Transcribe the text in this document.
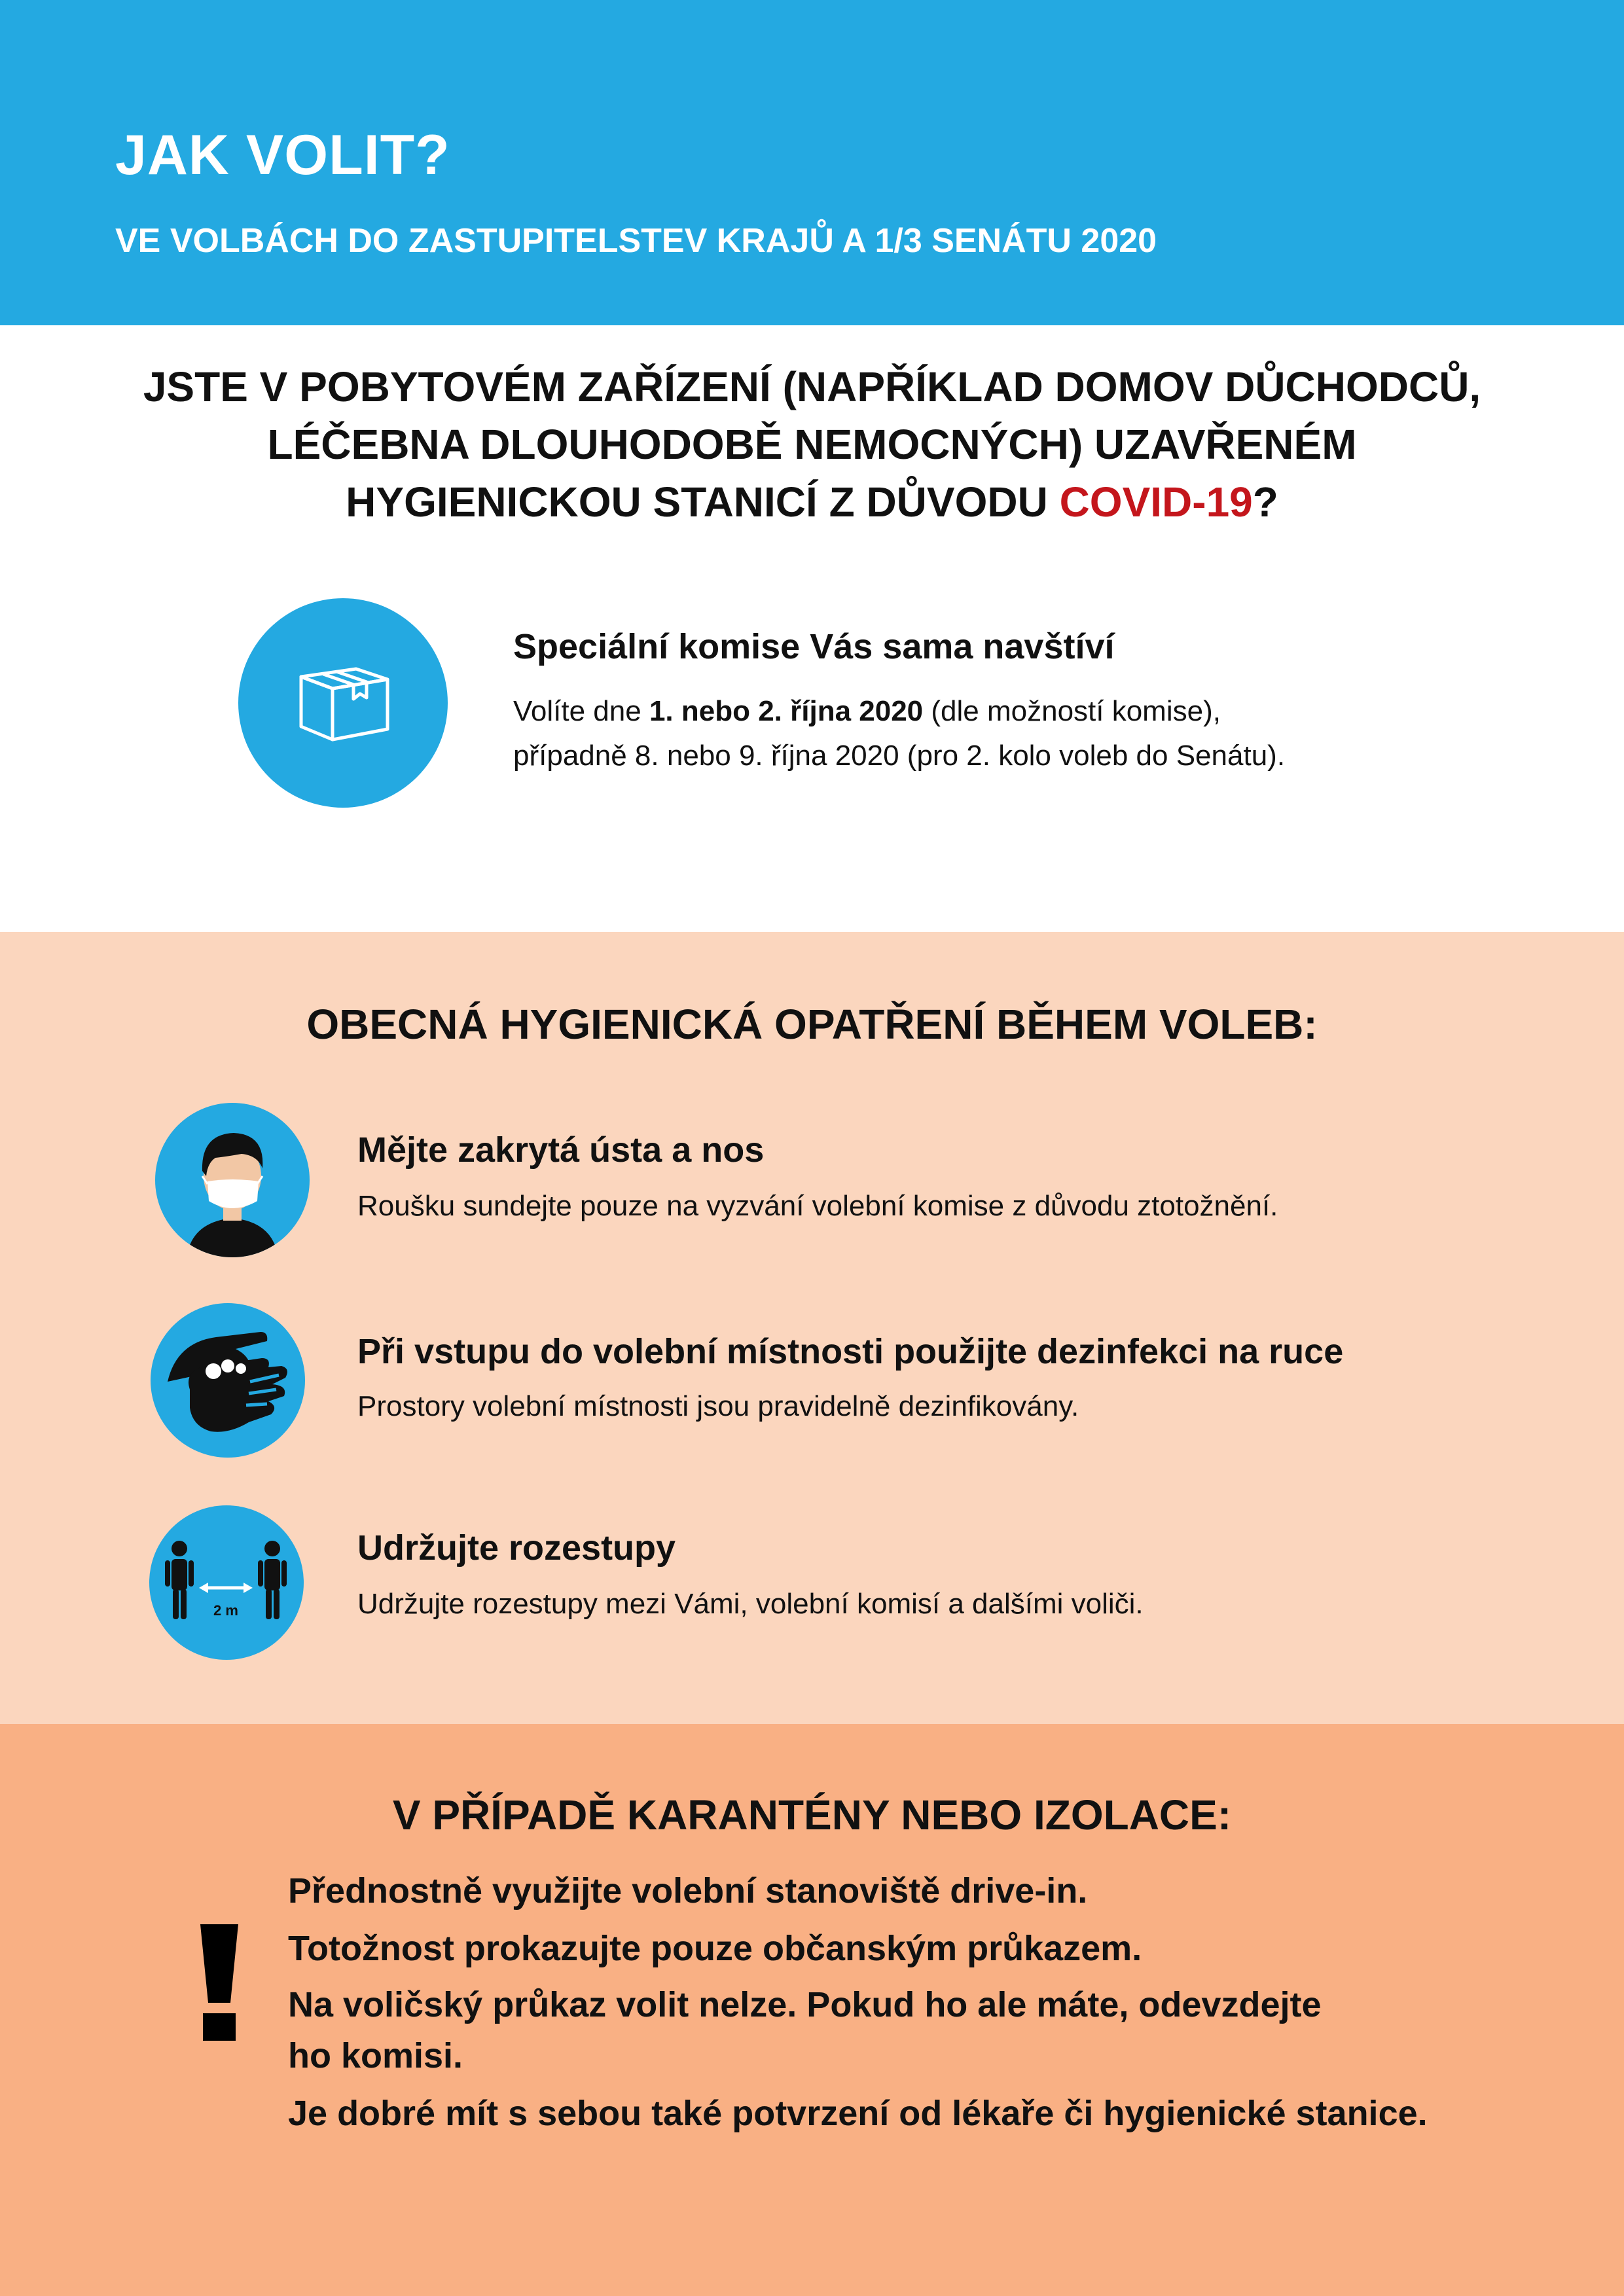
JAK VOLIT?
VE VOLBÁCH DO ZASTUPITELSTEV KRAJŮ A 1/3 SENÁTU 2020

JSTE V POBYTOVÉM ZAŘÍZENÍ (NAPŘÍKLAD DOMOV DŮCHODCŮ,
LÉČEBNA DLOUHODOBĚ NEMOCNÝCH) UZAVŘENÉM
HYGIENICKOU STANICÍ Z DŮVODU COVID-19?

Speciální komise Vás sama navštíví

Volíte dne 1. nebo 2. října 2020 (dle možností komise),
případně 8. nebo 9. října 2020 (pro 2. kolo voleb do Senátu).

OBECNÁ HYGIENICKÁ OPATŘENÍ BĚHEM VOLEB:

Mějte zakrytá ústa a nos

Roušku sundejte pouze na vyzvání volební komise z důvodu ztotožnění.

Při vstupu do volební místnosti použijte dezinfekci na ruce

Prostory volební místnosti jsou pravidelně dezinfikovány.

2 m

Udržujte rozestupy

Udržujte rozestupy mezi Vámi, volební komisí a dalšími voliči.

V PŘÍPADĚ KARANTÉNY NEBO IZOLACE:

Přednostně využijte volební stanoviště drive-in.

Totožnost prokazujte pouze občanským průkazem.

Na voličský průkaz volit nelze. Pokud ho ale máte, odevzdejte

ho komisi.

Je dobré mít s sebou také potvrzení od lékaře či hygienické stanice.
